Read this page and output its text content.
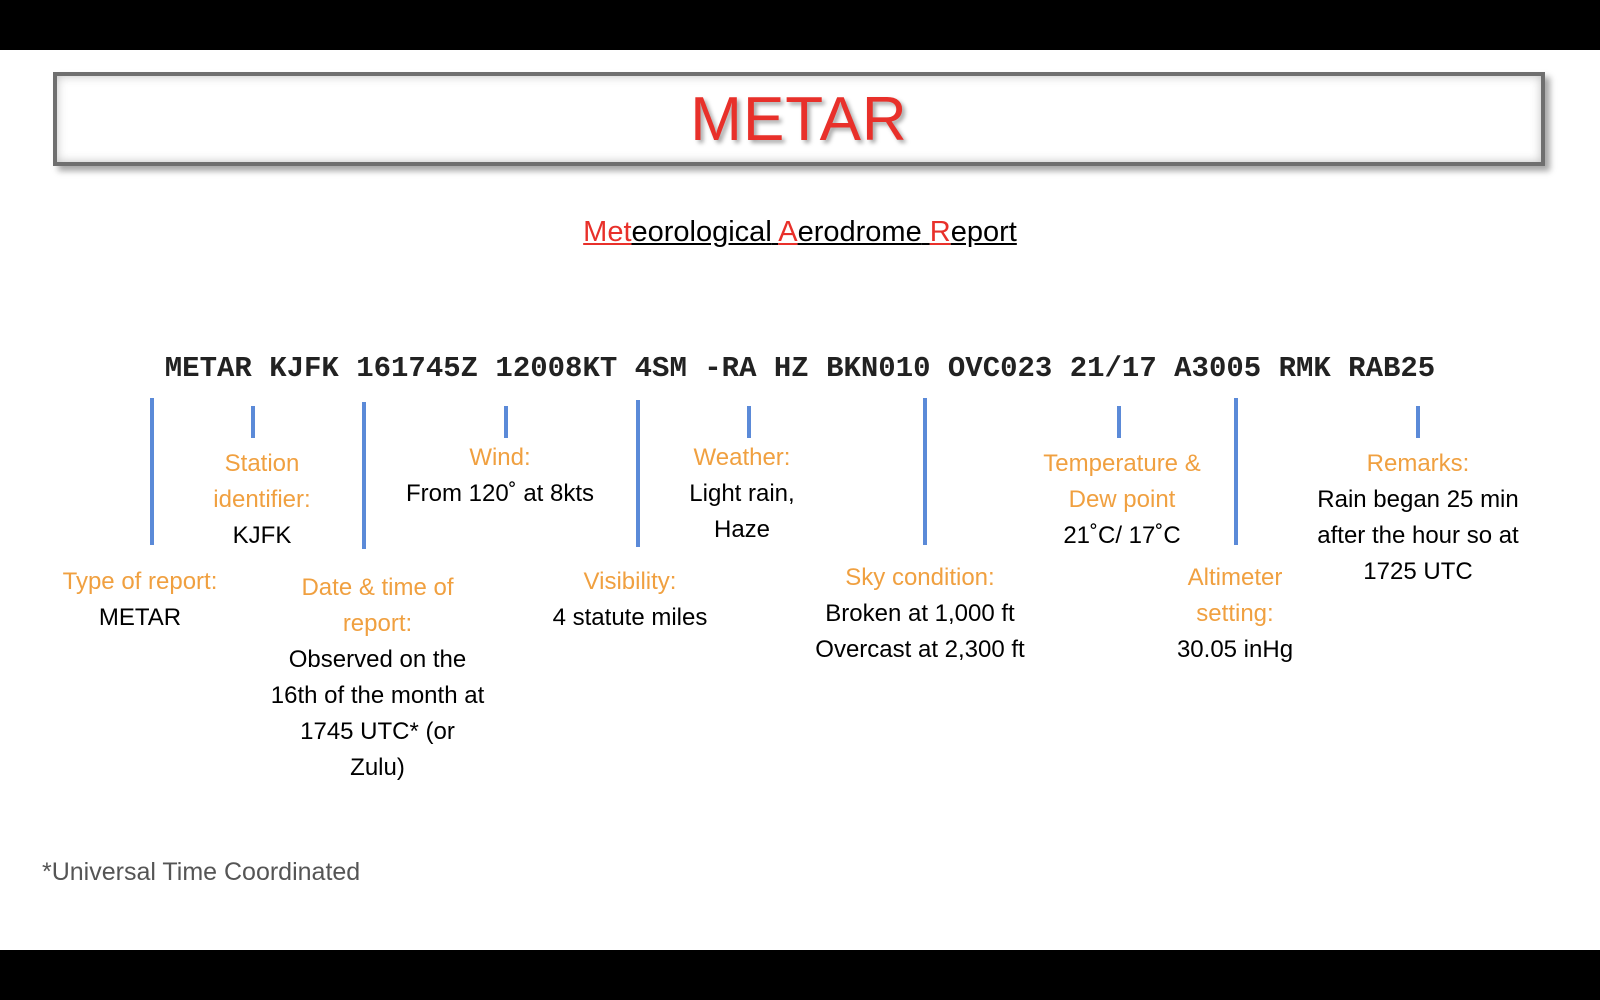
METAR
Meteorological Aerodrome Report
METAR KJFK 161745Z 12008KT 4SM -RA HZ BKN010 OVC023 21/17 A3005 RMK RAB25
Type of report:
METAR
Station identifier:
KJFK
Date & time of report:
Observed on the 16th of the month at 1745 UTC* (or Zulu)
Wind:
From 120˚ at 8kts
Visibility:
4 statute miles
Weather:
Light rain, Haze
Sky condition:
Broken at 1,000 ft Overcast at 2,300 ft
Temperature & Dew point
21˚C/ 17˚C
Altimeter setting:
30.05 inHg
Remarks:
Rain began 25 min after the hour so at 1725 UTC
*Universal Time Coordinated
